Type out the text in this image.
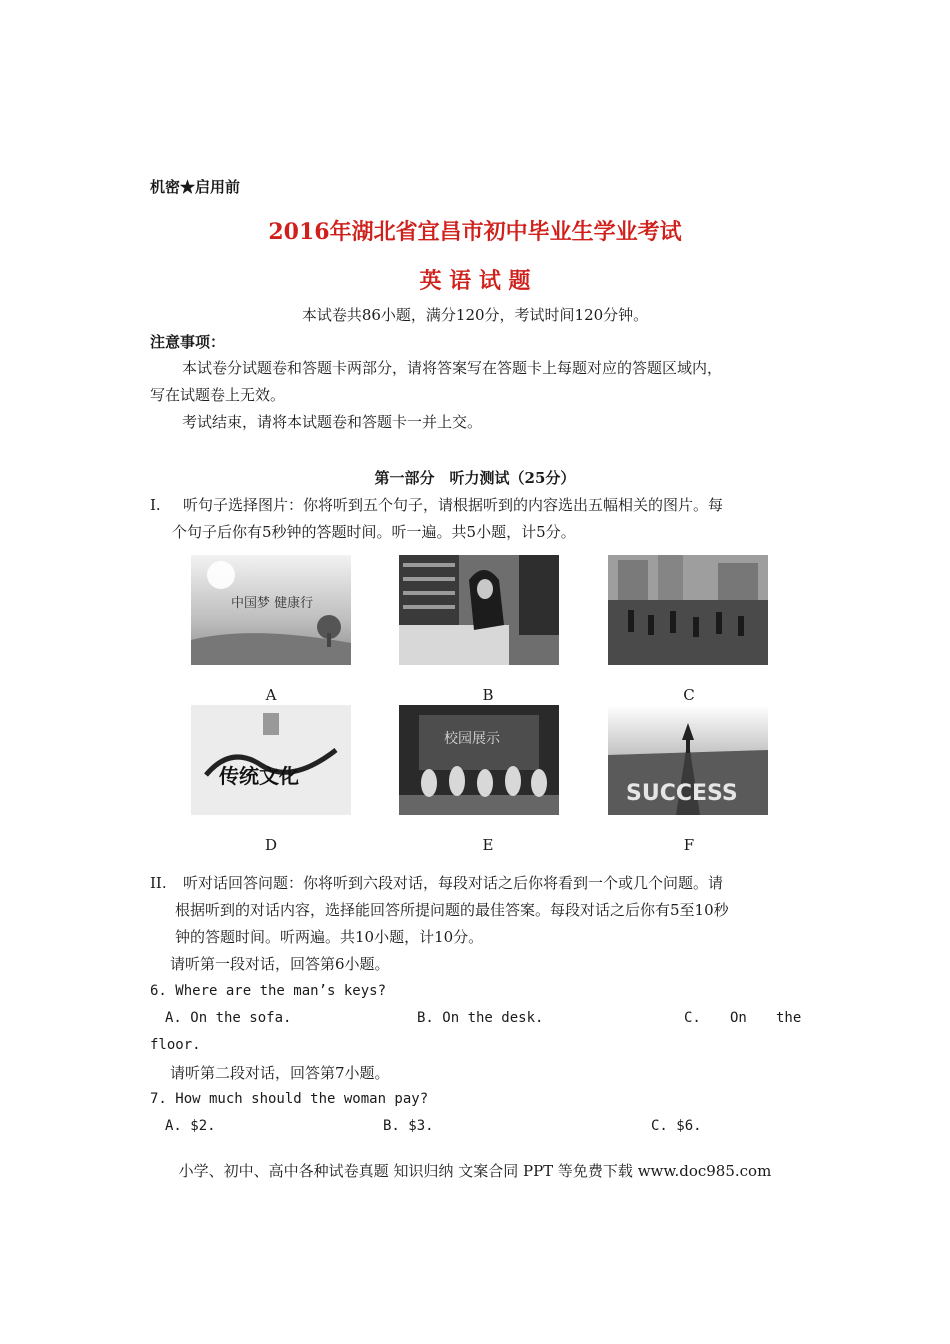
机密★启用前
2016年湖北省宜昌市初中毕业生学业考试
英 语 试 题
本试卷共86小题，满分120分，考试时间120分钟。
注意事项：
本试卷分试题卷和答题卡两部分，请将答案写在答题卡上每题对应的答题区域内，
写在试题卷上无效。
考试结束，请将本试题卷和答题卡一并上交。
第一部分　听力测试（25分）
Ⅰ. 听句子选择图片：你将听到五个句子，请根据听到的内容选出五幅相关的图片。每
个句子后你有5秒钟的答题时间。听一遍。共5小题，计5分。
中国梦 健康行
A	B	C
传统文化
D
校园展示
E
SUCCESS
F
II. 听对话回答问题：你将听到六段对话，每段对话之后你将看到一个或几个问题。请
根据听到的对话内容，选择能回答所提问题的最佳答案。每段对话之后你有5至10秒
钟的答题时间。听两遍。共10小题，计10分。
请听第一段对话，回答第6小题。
6. Where are the man’s keys?
A. On the sofa.	B. On the desk.	C. On the
floor.
请听第二段对话，回答第7小题。
7. How much should the woman pay?
A. $2.	B. $3.	C. $6.
小学、初中、高中各种试卷真题 知识归纳 文案合同 PPT 等免费下载 www.doc985.com
